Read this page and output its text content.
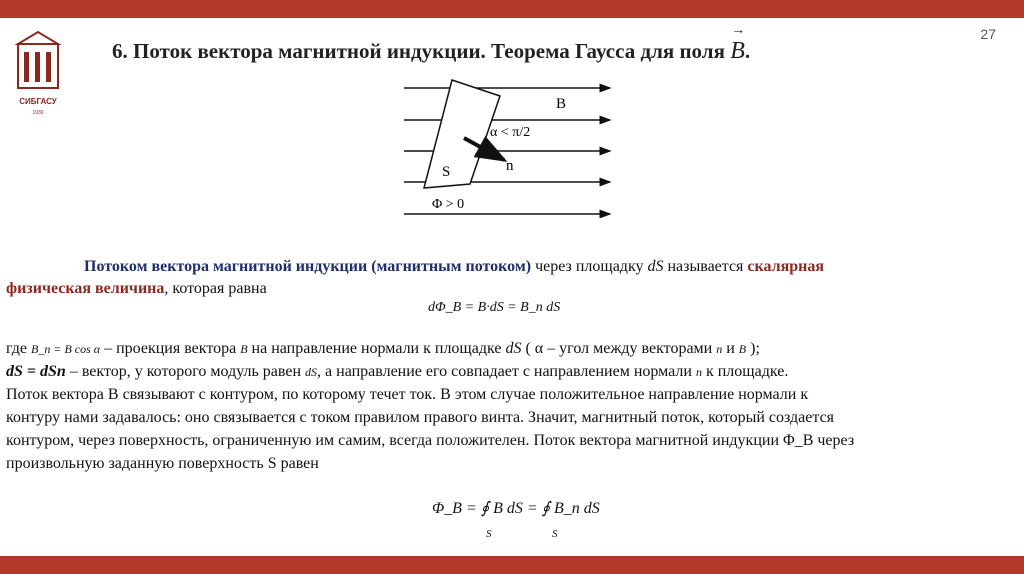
27
СИБГАСУ
1930
6. Поток вектора магнитной индукции. Теорема Гаусса для поля → B.
B
α < π/2
n
S
Φ > 0
Потоком вектора магнитной индукции (магнитным потоком) через площадку dS называется скалярная
физическая величина, которая равна
dΦ_B = B·dS = B_n dS
где B_n = B cos α – проекция вектора B на направление нормали к площадке dS ( α – угол между векторами n и B );
dS = dSn – вектор, у которого модуль равен dS, а направление его совпадает с направлением нормали n к площадке.
Поток вектора B связывают с контуром, по которому течет ток. В этом случае положительное направление нормали к
контуру нами задавалось: оно связывается с током правилом правого винта. Значит, магнитный поток, который создается
контуром, через поверхность, ограниченную им самим, всегда положителен. Поток вектора магнитной индукции Φ_B через
произвольную заданную поверхность S равен
Φ_B = ∮ B dS = ∮ B_n dS
S	S
